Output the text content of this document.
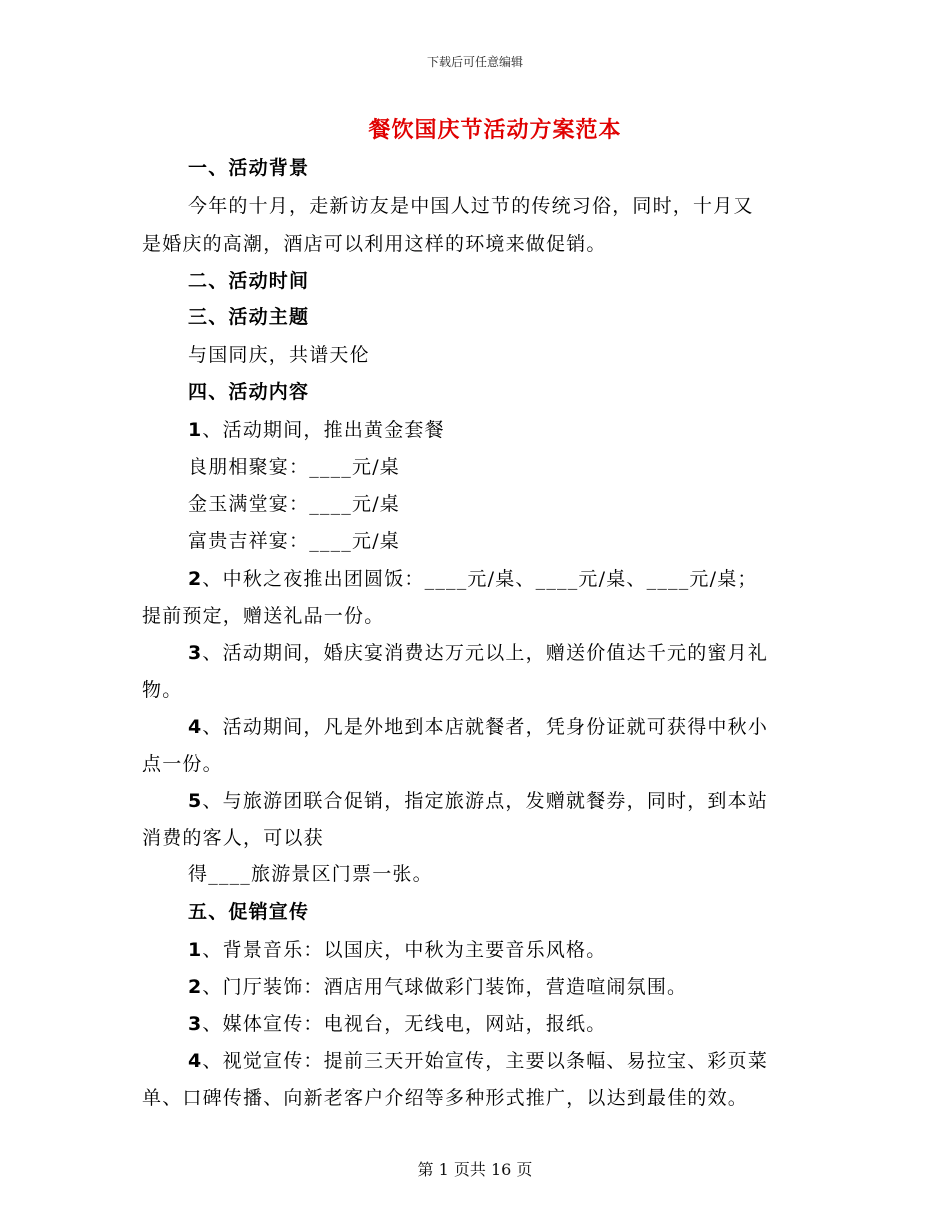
下载后可任意编辑
餐饮国庆节活动方案范本
一、活动背景
今年的十月，走新访友是中国人过节的传统习俗，同时，十月又
是婚庆的高潮，酒店可以利用这样的环境来做促销。
二、活动时间
三、活动主题
与国同庆，共谱天伦
四、活动内容
1、活动期间，推出黄金套餐
良朋相聚宴：____元/桌
金玉满堂宴：____元/桌
富贵吉祥宴：____元/桌
2、中秋之夜推出团圆饭：____元/桌、____元/桌、____元/桌；
提前预定，赠送礼品一份。
3、活动期间，婚庆宴消费达万元以上，赠送价值达千元的蜜月礼
物。
4、活动期间，凡是外地到本店就餐者，凭身份证就可获得中秋小
点一份。
5、与旅游团联合促销，指定旅游点，发赠就餐券，同时，到本站
消费的客人，可以获
得____旅游景区门票一张。
五、促销宣传
1、背景音乐：以国庆，中秋为主要音乐风格。
2、门厅装饰：酒店用气球做彩门装饰，营造喧闹氛围。
3、媒体宣传：电视台，无线电，网站，报纸。
4、视觉宣传：提前三天开始宣传，主要以条幅、易拉宝、彩页菜
单、口碑传播、向新老客户介绍等多种形式推广，以达到最佳的效。
第 1 页共 16 页
